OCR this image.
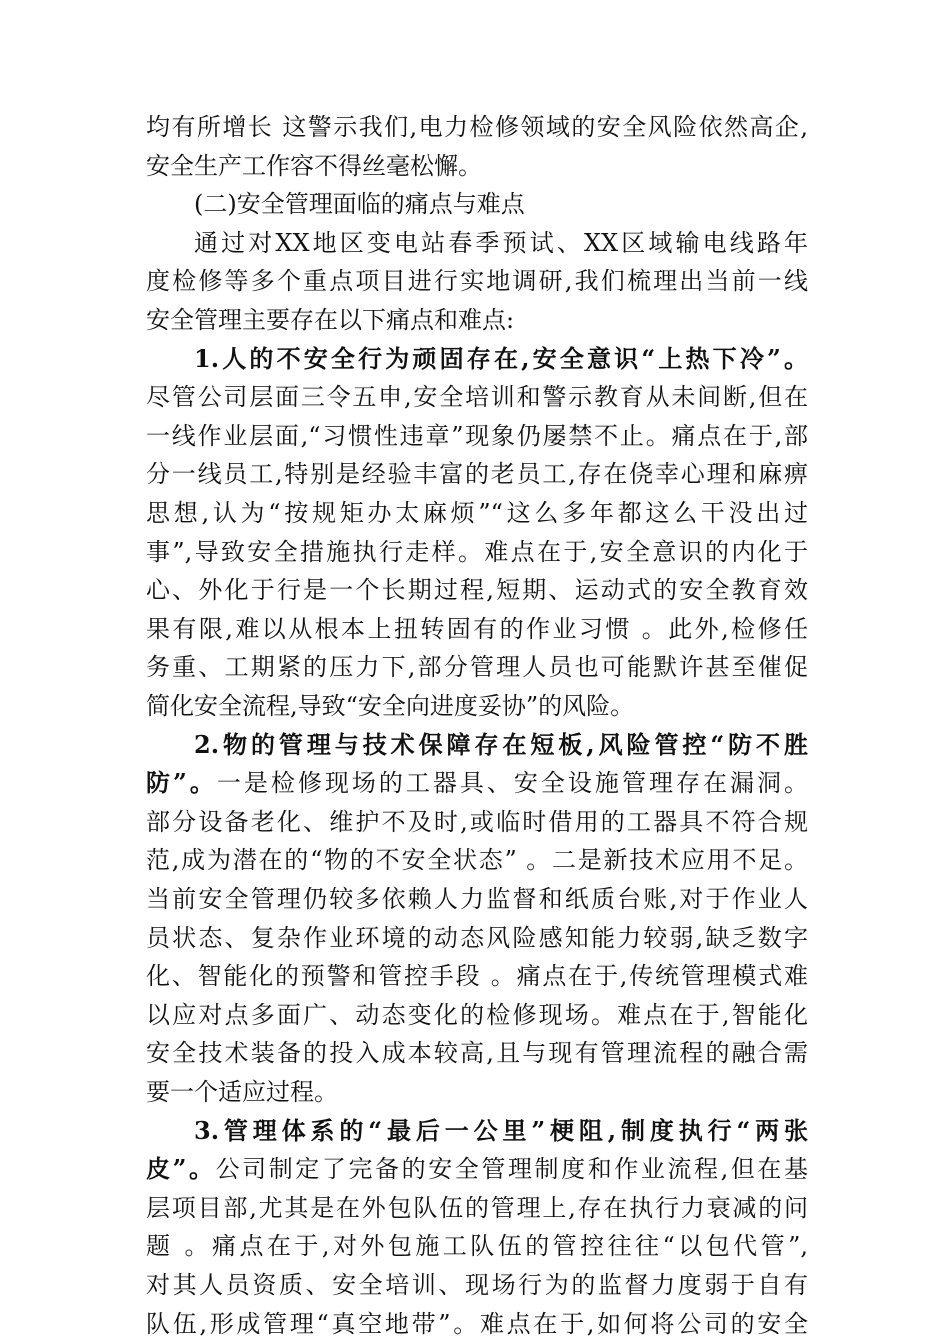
均有所增长 这警示我们,电力检修领域的安全风险依然高企,
安全生产工作容不得丝毫松懈。
(二)安全管理面临的痛点与难点
通过对XX地区变电站春季预试、XX区域输电线路年
度检修等多个重点项目进行实地调研,我们梳理出当前一线
安全管理主要存在以下痛点和难点:
1.人的不安全行为顽固存在,安全意识“上热下冷”。
尽管公司层面三令五申,安全培训和警示教育从未间断,但在
一线作业层面,“习惯性违章”现象仍屡禁不止。痛点在于,部
分一线员工,特别是经验丰富的老员工,存在侥幸心理和麻痹
思想,认为“按规矩办太麻烦”“这么多年都这么干没出过
事”,导致安全措施执行走样。难点在于,安全意识的内化于
心、外化于行是一个长期过程,短期、运动式的安全教育效
果有限,难以从根本上扭转固有的作业习惯 。此外,检修任
务重、工期紧的压力下,部分管理人员也可能默许甚至催促
简化安全流程,导致“安全向进度妥协”的风险。
2.物的管理与技术保障存在短板,风险管控“防不胜
防”。一是检修现场的工器具、安全设施管理存在漏洞。
部分设备老化、维护不及时,或临时借用的工器具不符合规
范,成为潜在的“物的不安全状态” 。二是新技术应用不足。
当前安全管理仍较多依赖人力监督和纸质台账,对于作业人
员状态、复杂作业环境的动态风险感知能力较弱,缺乏数字
化、智能化的预警和管控手段 。痛点在于,传统管理模式难
以应对点多面广、动态变化的检修现场。难点在于,智能化
安全技术装备的投入成本较高,且与现有管理流程的融合需
要一个适应过程。
3.管理体系的“最后一公里”梗阻,制度执行“两张
皮”。公司制定了完备的安全管理制度和作业流程,但在基
层项目部,尤其是在外包队伍的管理上,存在执行力衰减的问
题 。痛点在于,对外包施工队伍的管控往往“以包代管”,
对其人员资质、安全培训、现场行为的监督力度弱于自有
队伍,形成管理“真空地带”。难点在于,如何将公司的安全
